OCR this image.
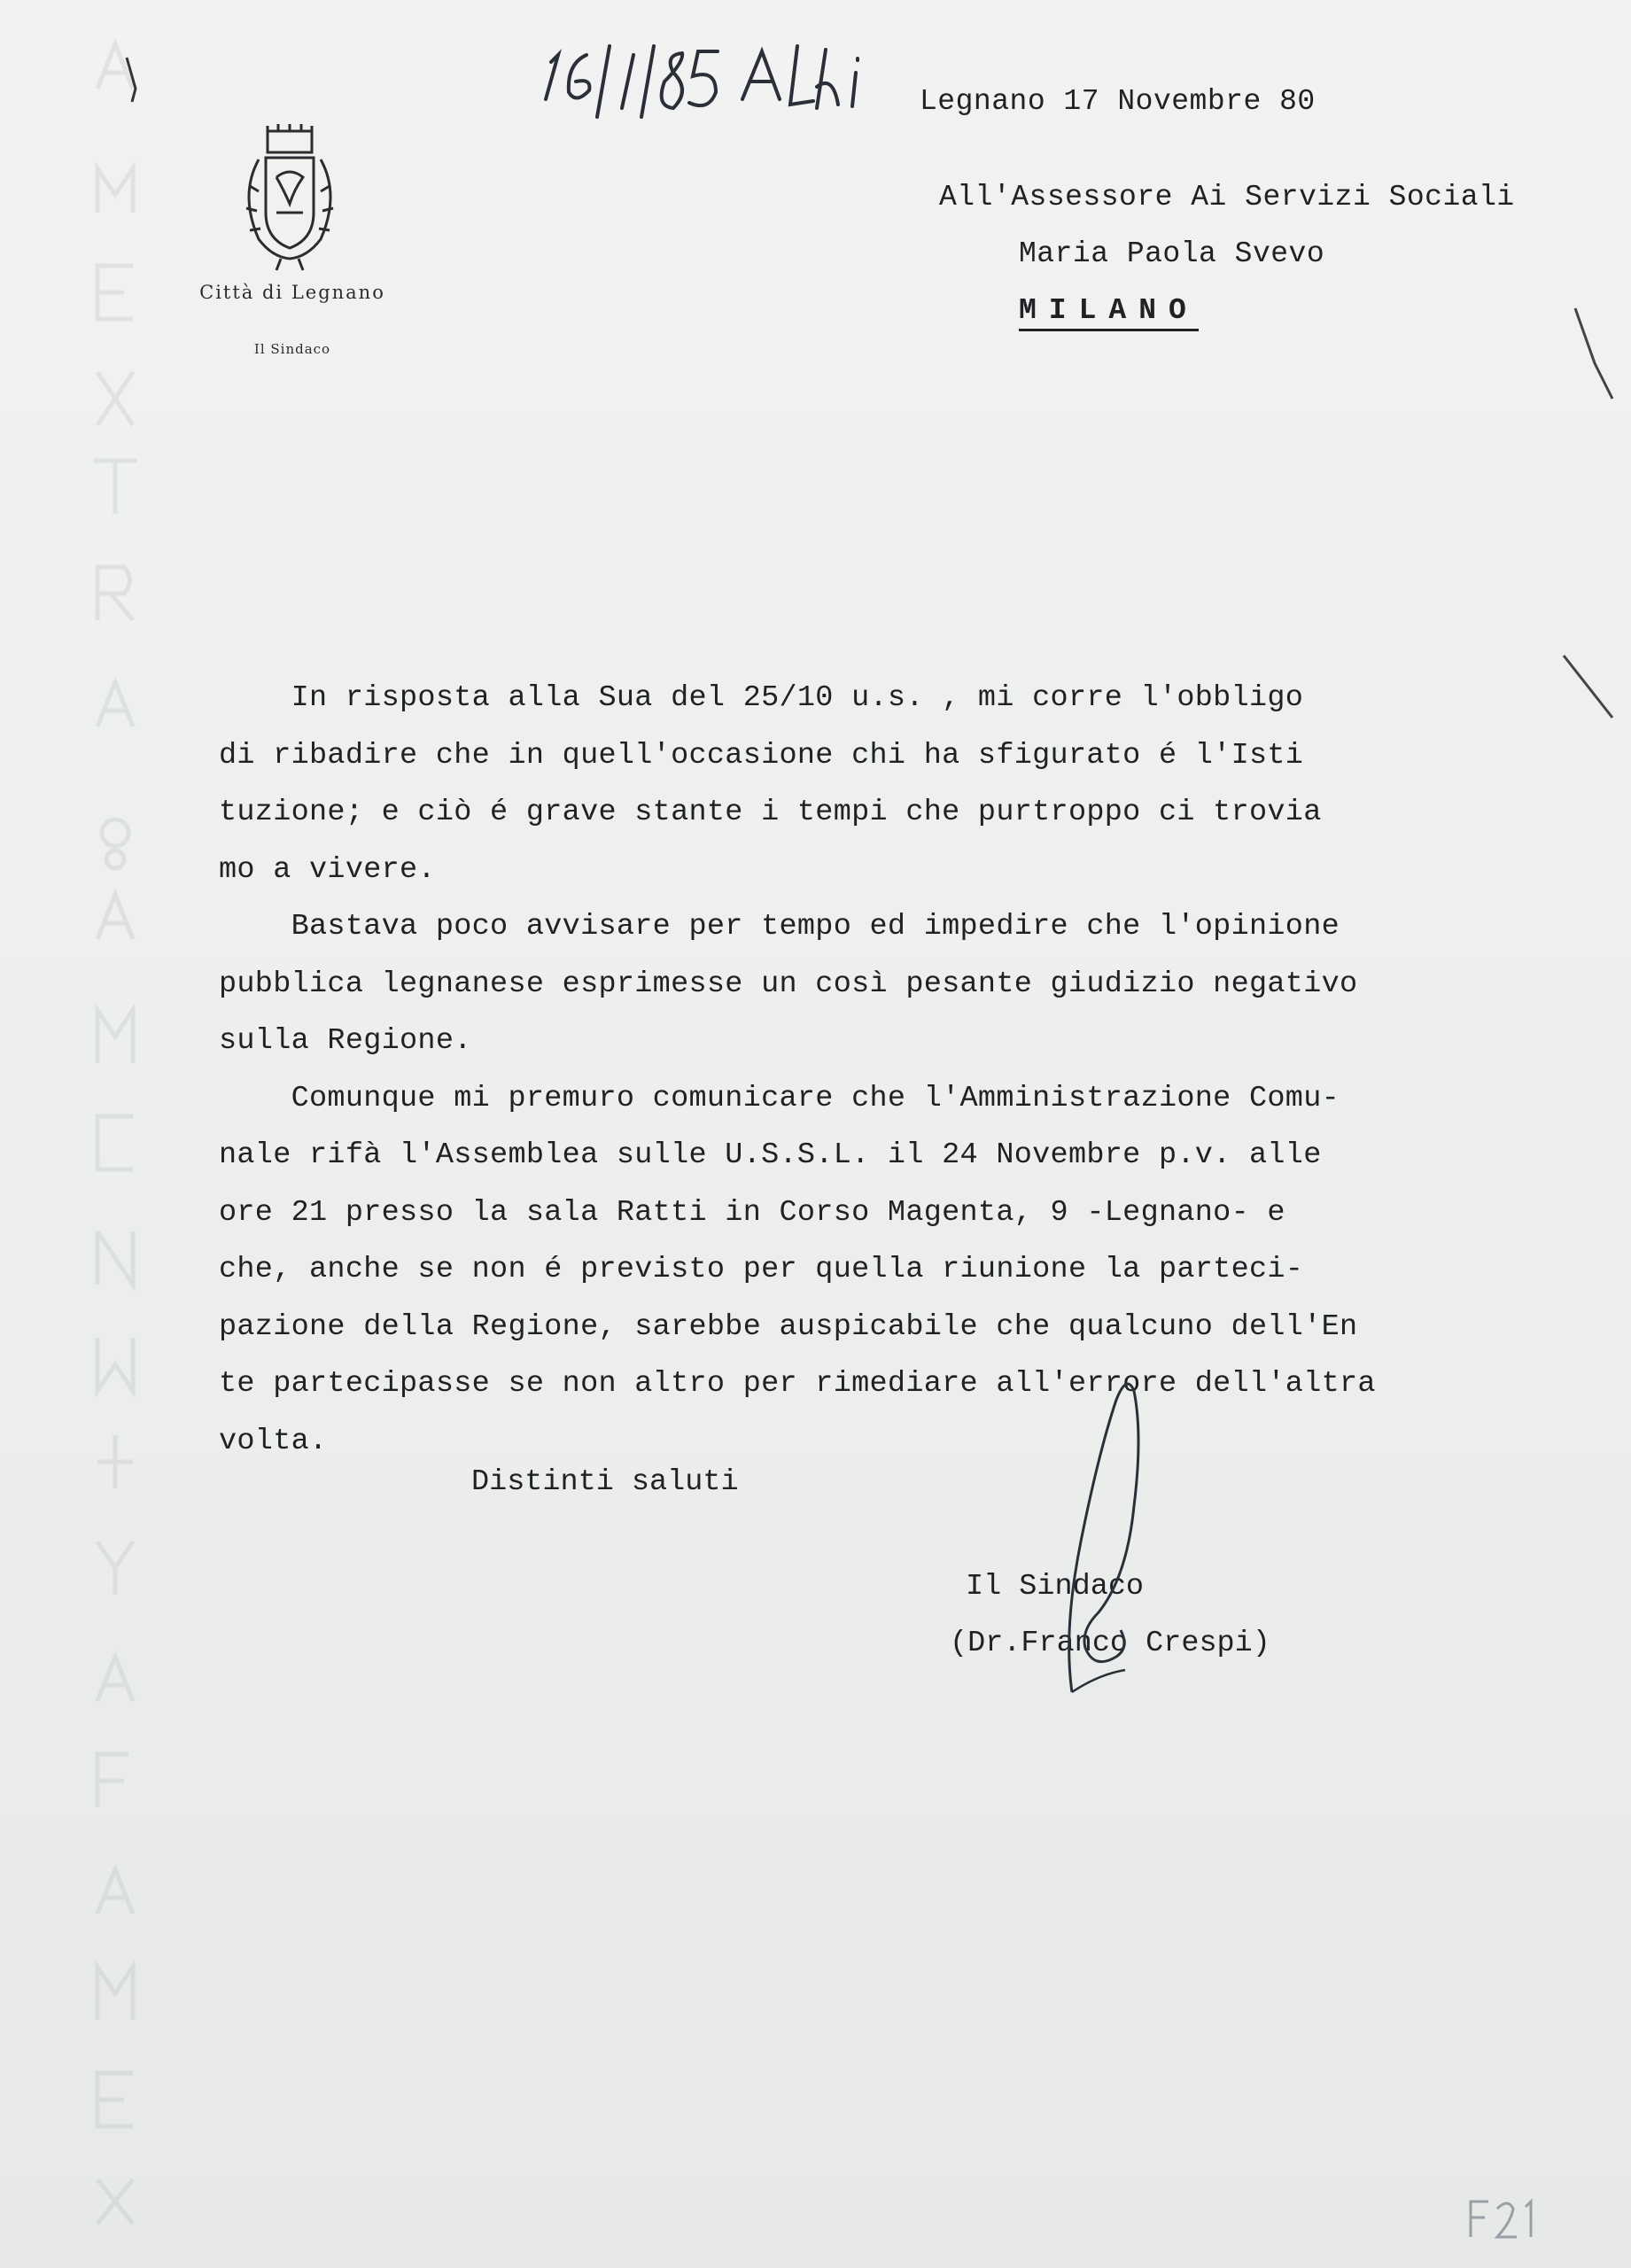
Città di Legnano
Il Sindaco
Legnano 17 Novembre 80
All'Assessore Ai Servizi Sociali
Maria Paola Svevo
MILANO
In risposta alla Sua del 25/10 u.s. , mi corre l'obbligo
di ribadire che in quell'occasione chi ha sfigurato é l'Isti
tuzione; e ciò é grave stante i tempi che purtroppo ci trovia
mo a vivere.
Bastava poco avvisare per tempo ed impedire che l'opinione
pubblica legnanese esprimesse un così pesante giudizio negativo
sulla Regione.
Comunque mi premuro comunicare che l'Amministrazione Comu-
nale rifà l'Assemblea sulle U.S.S.L. il 24 Novembre p.v. alle
ore 21 presso la sala Ratti in Corso Magenta, 9 -Legnano- e
che, anche se non é previsto per quella riunione la parteci-
pazione della Regione, sarebbe auspicabile che qualcuno dell'En
te partecipasse se non altro per rimediare all'errore dell'altra
volta.
Distinti saluti
Il Sindaco
(Dr.Franco Crespi)
